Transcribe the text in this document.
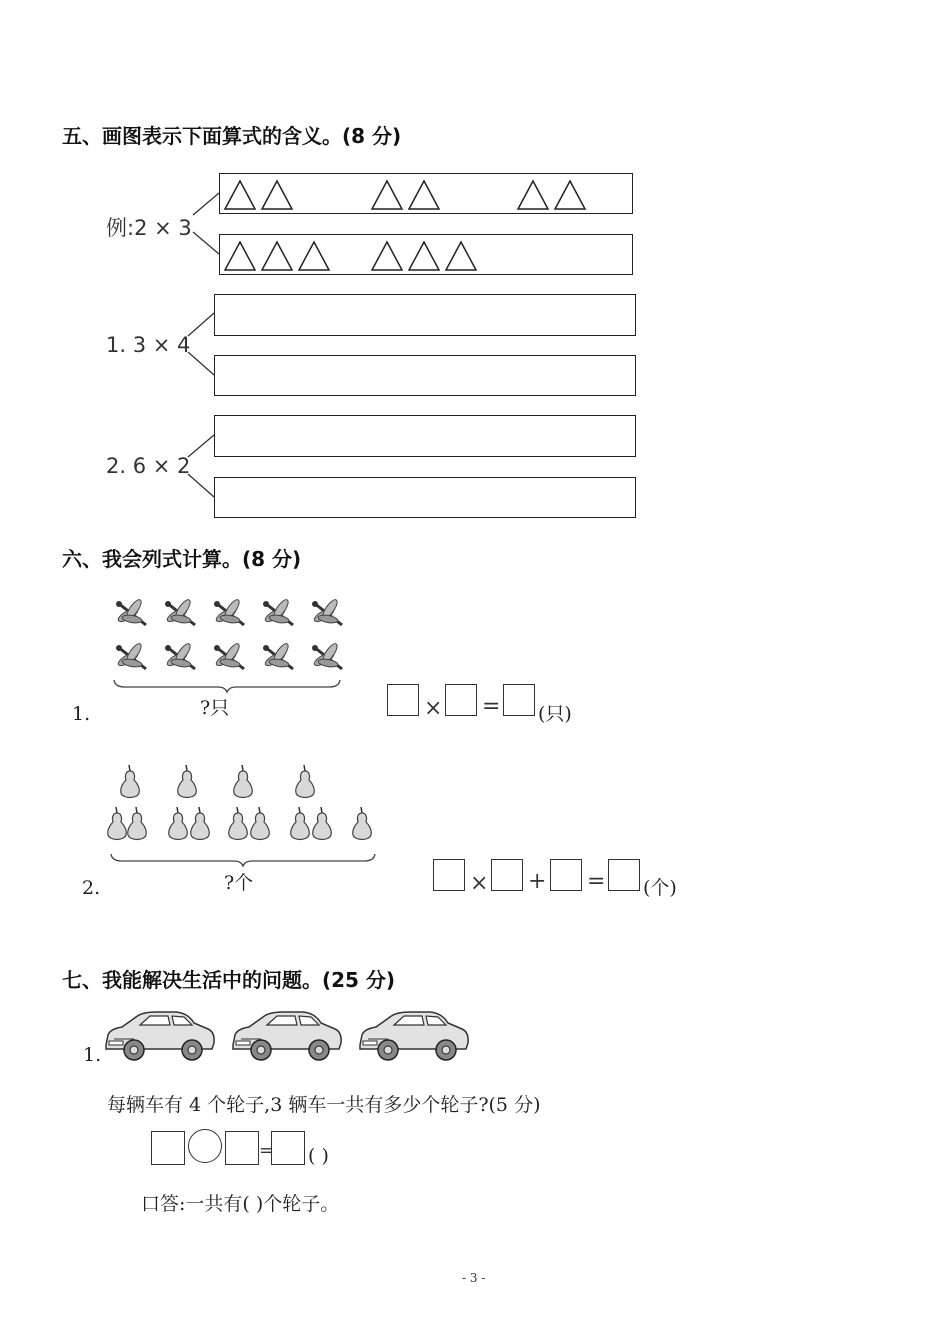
五、画图表示下面算式的含义。(8 分)
例:2 × 3
1. 3 × 4
2. 6 × 2
六、我会列式计算。(8 分)
?只
1.	× = (只)
?个
2.	× + = (个)
七、我能解决生活中的问题。(25 分)
1.
每辆车有 4 个轮子,3 辆车一共有多少个轮子?(5 分)
= ( )
口答:一共有( )个轮子。
- 3 -
